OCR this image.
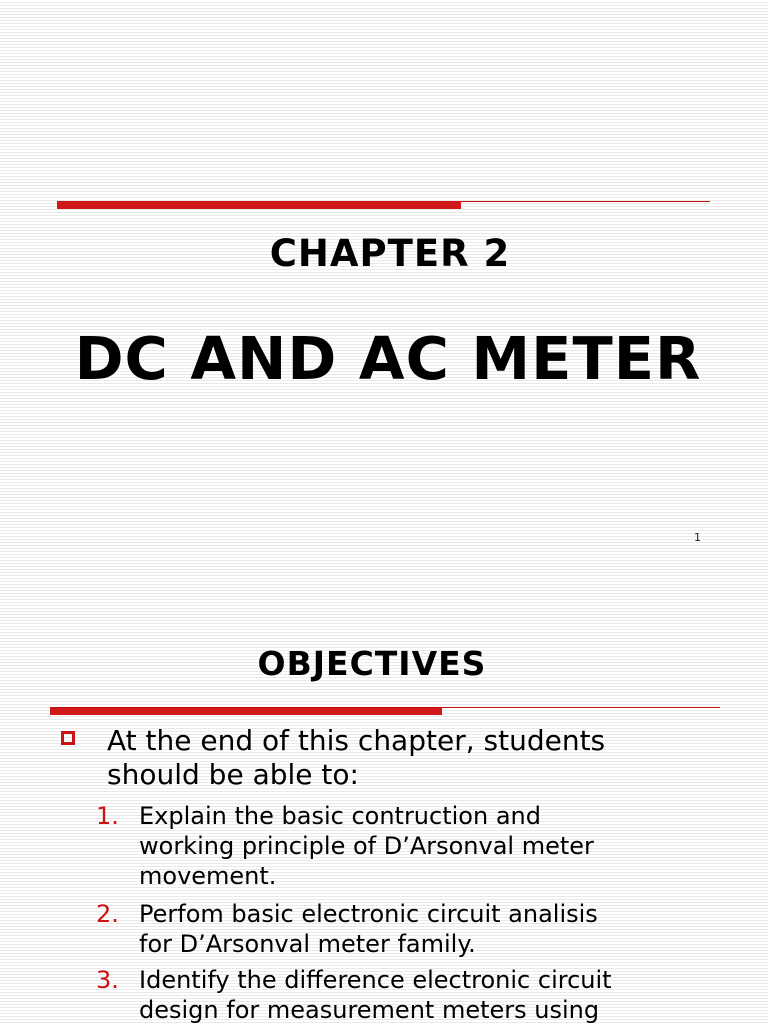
CHAPTER 2
DC AND AC METER
1
OBJECTIVES
At the end of this chapter, students
should be able to:
1. Explain the basic contruction and
working principle of D’Arsonval meter
movement.
2. Perfom basic electronic circuit analisis
for D’Arsonval meter family.
3. Identify the difference electronic circuit
design for measurement meters using
